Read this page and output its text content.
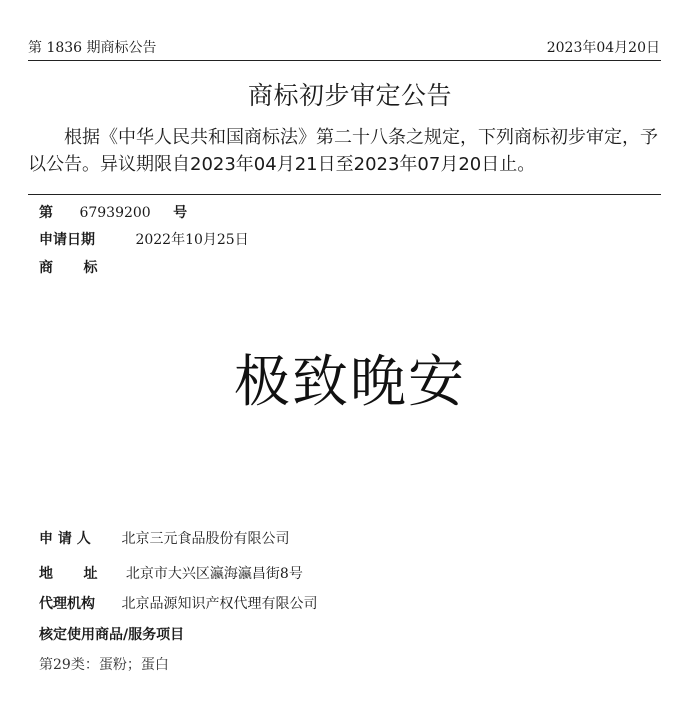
第 1836 期商标公告	2023年04月20日
商标初步审定公告
根据《中华人民共和国商标法》第二十八条之规定，下列商标初步审定，予以公告。异议期限自2023年04月21日至2023年07月20日止。
第 67939200 号
申请日期	2022年10月25日
商 标
极致晚安
申 请 人 北京三元食品股份有限公司
地 址 北京市大兴区瀛海瀛昌街8号
代理机构 北京品源知识产权代理有限公司
核定使用商品/服务项目
第29类：蛋粉；蛋白
